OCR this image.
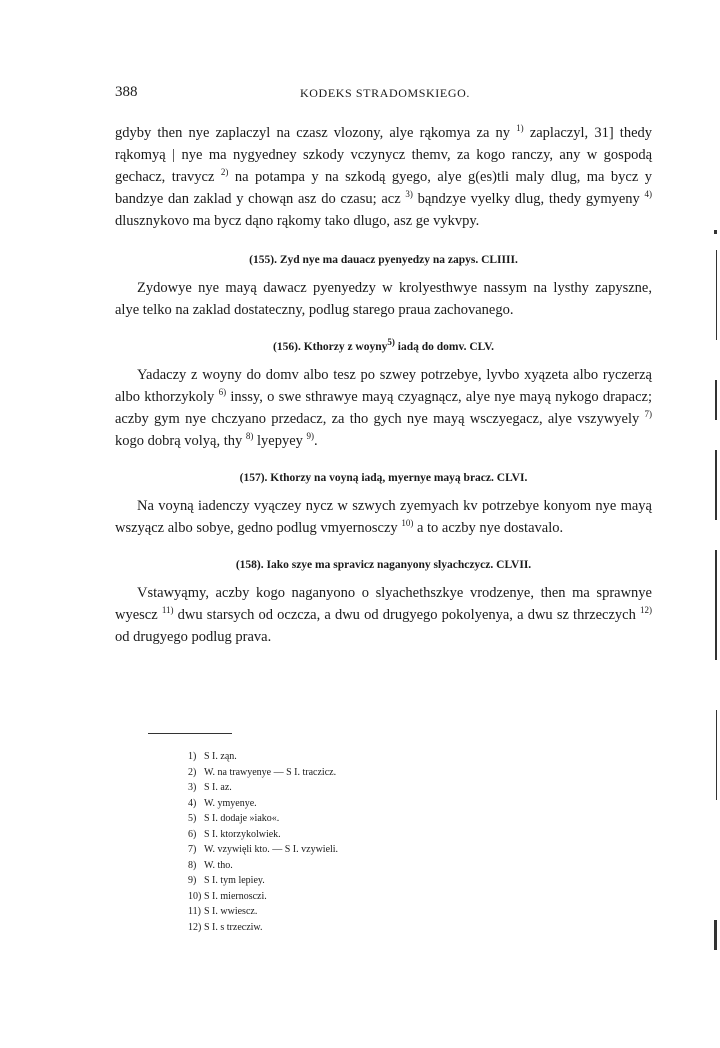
388	KODEKS STRADOMSKIEGO.

gdyby then nye zaplaczyl na czasz vlozony, alye rąkomya za ny $^{1)}$ zaplaczyl, 31] thedy rąkomyą | nye ma nygyedney szkody vczynycz themv, za kogo ranczy, any w gospodą gechacz, travycz $^{2)}$ na potampa y na szkodą gyego, alye g(es)tli maly dlug, ma bycz y bandzye dan zaklad y chowąn asz do czasu; acz $^{3)}$ bąndzye vyelky dlug, thedy gymyeny $^{4)}$ dlusznykovo ma bycz dąno rąkomy tako dlugo, asz ge vykvpy.

(155). Zyd nye ma dauacz pyenyedzy na zapys. CLIIII.

Zydowye nye mayą dawacz pyenyedzy w krolyesthwye nassym na lysthy zapyszne, alye telko na zaklad dostateczny, podlug starego praua zachovanego.

(156). Kthorzy z woyny$^{5)}$ iadą do domv. CLV.

Yadaczy z woyny do domv albo tesz po szwey potrzebye, lyvbo xyązeta albo ryczerzą albo kthorzykoly $^{6)}$ inssy, o swe sthrawye mayą czyagnącz, alye nye mayą nykogo drapacz; aczby gym nye chczyano przedacz, za tho gych nye mayą wsczyegacz, alye vszywyely $^{7)}$ kogo dobrą volyą, thy $^{8)}$ lyepyey $^{9)}$.

(157). Kthorzy na voyną iadą, myernye mayą bracz. CLVI.

Na voyną iadenczy vyączey nycz w szwych zyemyach kv potrzebye konyom nye mayą wszyącz albo sobye, gedno podlug vmyernosczy $^{10)}$ a to aczby nye dostavalo.

(158). Iako szye ma spravicz naganyony slyachczycz. CLVII.

Vstawyąmy, aczby kogo naganyono o slyachethszkye vrodzenye, then ma sprawnye wyescz $^{11)}$ dwu starsych od oczcza, a dwu od drugyego pokolyenya, a dwu sz thrzeczych $^{12)}$ od drugyego podlug prava.

1) S I. ząn.
2) W. na trawyenye — S I. traczicz.
3) S I. az.
4) W. ymyenye.
5) S I. dodaje »iako«.
6) S I. ktorzykolwiek.
7) W. vzywięli kto. — S I. vzywieli.
8) W. tho.
9) S I. tym lepiey.
10) S I. miernosczi.
11) S I. wwiescz.
12) S I. s trzecziw.
